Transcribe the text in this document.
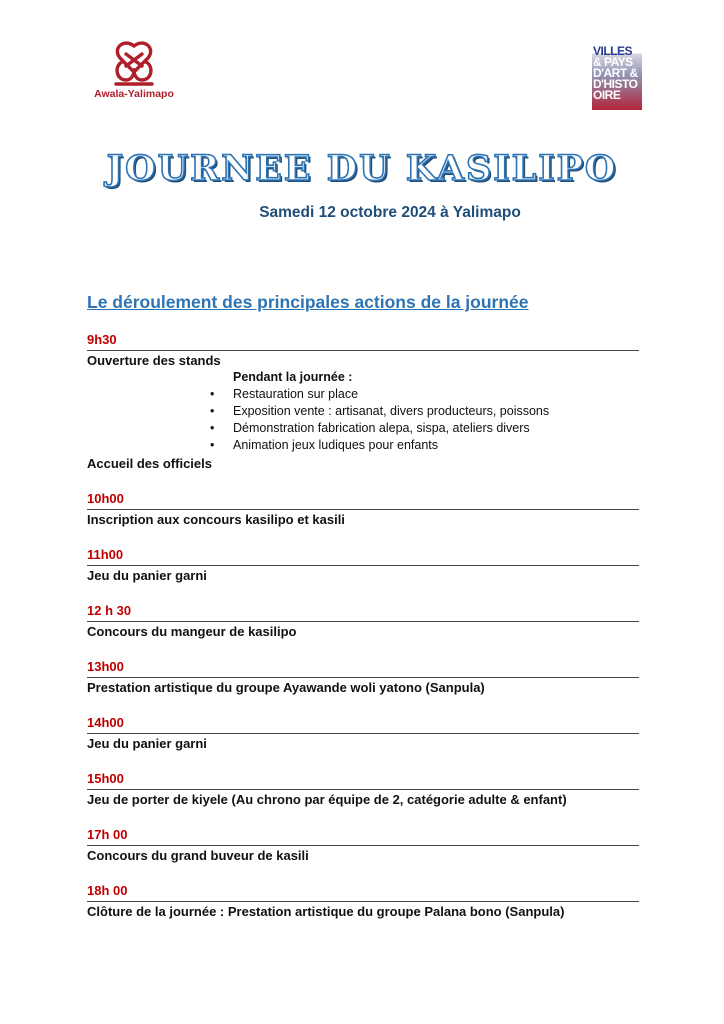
Awala-Yalimapo
VILLES
& PAYS
D'ART &
D'HISTO
OIRE
JOURNEE DU KASILIPO
Samedi 12 octobre 2024 à Yalimapo
Le déroulement des principales actions de la journée
9h30
Ouverture des stands
Pendant la journée :
• Restauration sur place
• Exposition vente : artisanat, divers producteurs, poissons
• Démonstration fabrication alepa, sispa, ateliers divers
• Animation jeux ludiques pour enfants
Accueil des officiels
10h00
Inscription aux concours kasilipo et kasili
11h00
Jeu du panier garni
12 h 30
Concours du mangeur de kasilipo
13h00
Prestation artistique du groupe Ayawande woli yatono (Sanpula)
14h00
Jeu du panier garni
15h00
Jeu de porter de kiyele (Au chrono par équipe de 2, catégorie adulte & enfant)
17h 00
Concours du grand buveur de kasili
18h 00
Clôture de la journée : Prestation artistique du groupe Palana bono (Sanpula)
